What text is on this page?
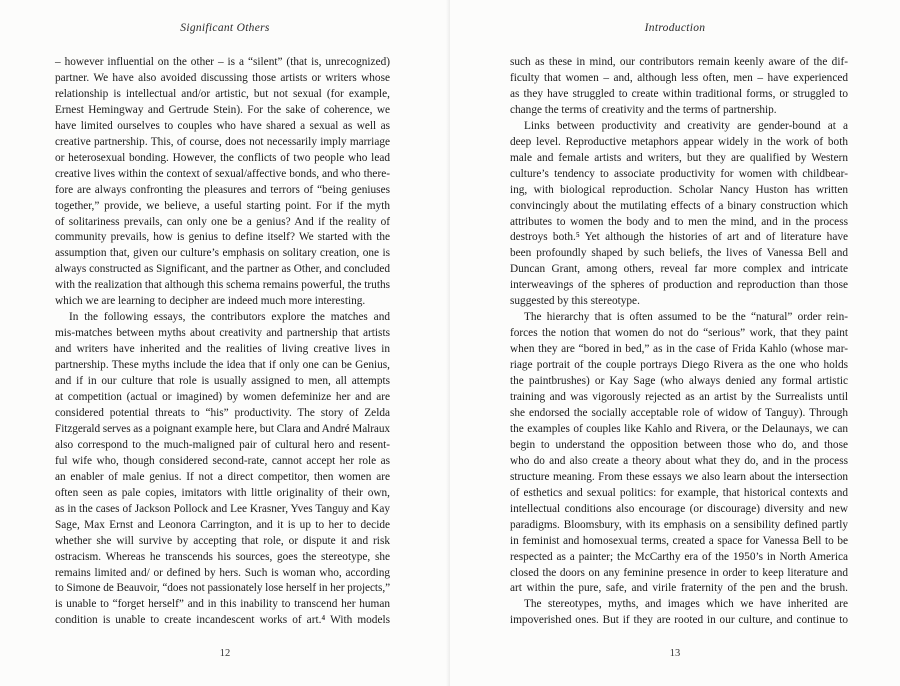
Significant Others
– however influential on the other – is a “silent” (that is, unrecognized)
partner. We have also avoided discussing those artists or writers whose
relationship is intellectual and/or artistic, but not sexual (for example,
Ernest Hemingway and Gertrude Stein). For the sake of coherence, we
have limited ourselves to couples who have shared a sexual as well as
creative partnership. This, of course, does not necessarily imply marriage
or heterosexual bonding. However, the conflicts of two people who lead
creative lives within the context of sexual/affective bonds, and who there-
fore are always confronting the pleasures and terrors of “being geniuses
together,” provide, we believe, a useful starting point. For if the myth
of solitariness prevails, can only one be a genius? And if the reality of
community prevails, how is genius to define itself? We started with the
assumption that, given our culture’s emphasis on solitary creation, one is
always constructed as Significant, and the partner as Other, and concluded
with the realization that although this schema remains powerful, the truths
which we are learning to decipher are indeed much more interesting.
In the following essays, the contributors explore the matches and
mis-matches between myths about creativity and partnership that artists
and writers have inherited and the realities of living creative lives in
partnership. These myths include the idea that if only one can be Genius,
and if in our culture that role is usually assigned to men, all attempts
at competition (actual or imagined) by women defeminize her and are
considered potential threats to “his” productivity. The story of Zelda
Fitzgerald serves as a poignant example here, but Clara and André Malraux
also correspond to the much-maligned pair of cultural hero and resent-
ful wife who, though considered second-rate, cannot accept her role as
an enabler of male genius. If not a direct competitor, then women are
often seen as pale copies, imitators with little originality of their own,
as in the cases of Jackson Pollock and Lee Krasner, Yves Tanguy and Kay
Sage, Max Ernst and Leonora Carrington, and it is up to her to decide
whether she will survive by accepting that role, or dispute it and risk
ostracism. Whereas he transcends his sources, goes the stereotype, she
remains limited and/ or defined by hers. Such is woman who, according
to Simone de Beauvoir, “does not passionately lose herself in her projects,”
is unable to “forget herself” and in this inability to transcend her human
condition is unable to create incandescent works of art.⁴ With models
12
Introduction
such as these in mind, our contributors remain keenly aware of the dif-
ficulty that women – and, although less often, men – have experienced
as they have struggled to create within traditional forms, or struggled to
change the terms of creativity and the terms of partnership.
Links between productivity and creativity are gender-bound at a
deep level. Reproductive metaphors appear widely in the work of both
male and female artists and writers, but they are qualified by Western
culture’s tendency to associate productivity for women with childbear-
ing, with biological reproduction. Scholar Nancy Huston has written
convincingly about the mutilating effects of a binary construction which
attributes to women the body and to men the mind, and in the process
destroys both.⁵ Yet although the histories of art and of literature have
been profoundly shaped by such beliefs, the lives of Vanessa Bell and
Duncan Grant, among others, reveal far more complex and intricate
interweavings of the spheres of production and reproduction than those
suggested by this stereotype.
The hierarchy that is often assumed to be the “natural” order rein-
forces the notion that women do not do “serious” work, that they paint
when they are “bored in bed,” as in the case of Frida Kahlo (whose mar-
riage portrait of the couple portrays Diego Rivera as the one who holds
the paintbrushes) or Kay Sage (who always denied any formal artistic
training and was vigorously rejected as an artist by the Surrealists until
she endorsed the socially acceptable role of widow of Tanguy). Through
the examples of couples like Kahlo and Rivera, or the Delaunays, we can
begin to understand the opposition between those who do, and those
who do and also create a theory about what they do, and in the process
structure meaning. From these essays we also learn about the intersection
of esthetics and sexual politics: for example, that historical contexts and
intellectual conditions also encourage (or discourage) diversity and new
paradigms. Bloomsbury, with its emphasis on a sensibility defined partly
in feminist and homosexual terms, created a space for Vanessa Bell to be
respected as a painter; the McCarthy era of the 1950’s in North America
closed the doors on any feminine presence in order to keep literature and
art within the pure, safe, and virile fraternity of the pen and the brush.
The stereotypes, myths, and images which we have inherited are
impoverished ones. But if they are rooted in our culture, and continue to
13
